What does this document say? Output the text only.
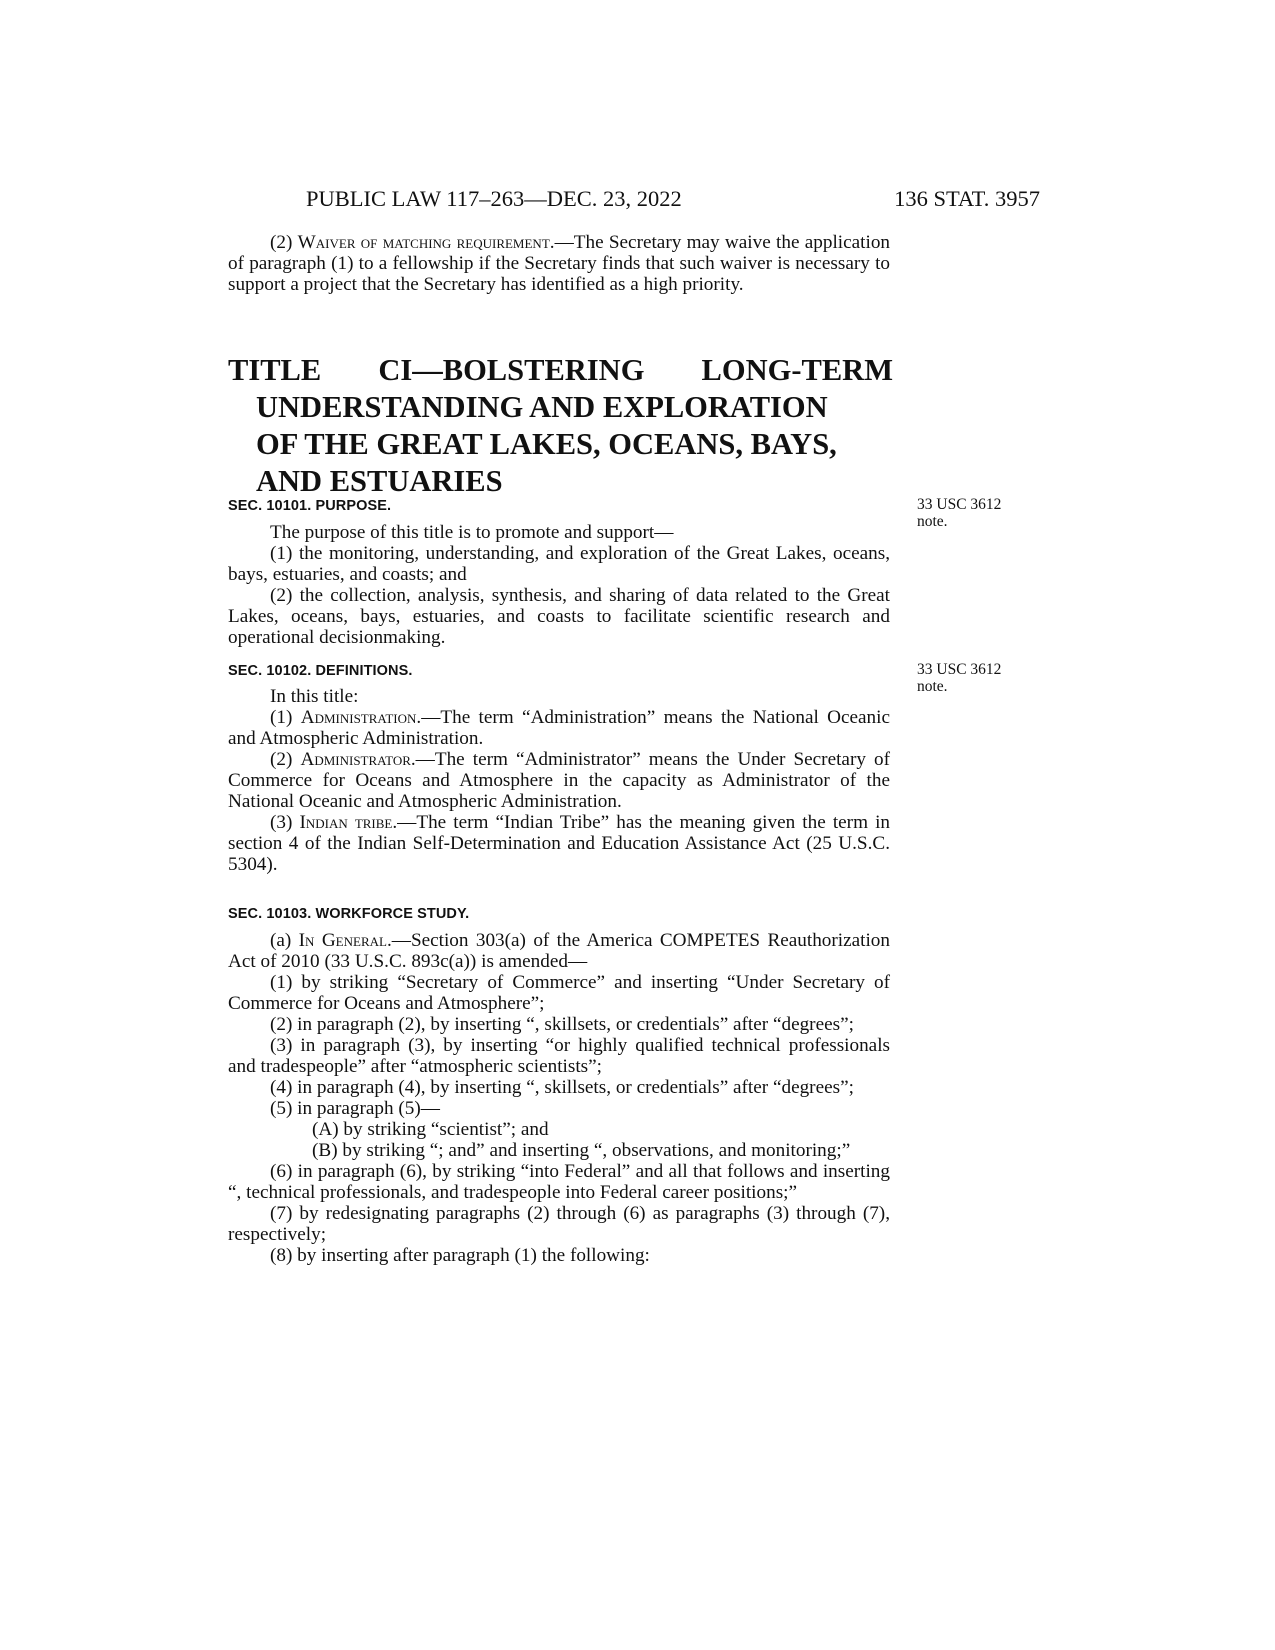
PUBLIC LAW 117–263—DEC. 23, 2022	136 STAT. 3957

(2) Waiver of matching requirement.—The Secretary may waive the application of paragraph (1) to a fellowship if the Secretary finds that such waiver is necessary to support a project that the Secretary has identified as a high priority.

TITLE CI—BOLSTERING LONG-TERM
UNDERSTANDING AND EXPLORATION
OF THE GREAT LAKES, OCEANS, BAYS,
AND ESTUARIES
SEC. 10101. PURPOSE.	33 USC 3612
note.

The purpose of this title is to promote and support—

(1) the monitoring, understanding, and exploration of the Great Lakes, oceans, bays, estuaries, and coasts; and

(2) the collection, analysis, synthesis, and sharing of data related to the Great Lakes, oceans, bays, estuaries, and coasts to facilitate scientific research and operational decisionmaking.

SEC. 10102. DEFINITIONS.	33 USC 3612
note.

In this title:

(1) Administration.—The term “Administration” means the National Oceanic and Atmospheric Administration.

(2) Administrator.—The term “Administrator” means the Under Secretary of Commerce for Oceans and Atmosphere in the capacity as Administrator of the National Oceanic and Atmospheric Administration.

(3) Indian tribe.—The term “Indian Tribe” has the meaning given the term in section 4 of the Indian Self-Determination and Education Assistance Act (25 U.S.C. 5304).

SEC. 10103. WORKFORCE STUDY.

(a) In General.—Section 303(a) of the America COMPETES Reauthorization Act of 2010 (33 U.S.C. 893c(a)) is amended—

(1) by striking “Secretary of Commerce” and inserting “Under Secretary of Commerce for Oceans and Atmosphere”;

(2) in paragraph (2), by inserting “, skillsets, or credentials” after “degrees”;

(3) in paragraph (3), by inserting “or highly qualified technical professionals and tradespeople” after “atmospheric scientists”;

(4) in paragraph (4), by inserting “, skillsets, or credentials” after “degrees”;

(5) in paragraph (5)—

(A) by striking “scientist”; and

(B) by striking “; and” and inserting “, observations, and monitoring;”

(6) in paragraph (6), by striking “into Federal” and all that follows and inserting “, technical professionals, and tradespeople into Federal career positions;”

(7) by redesignating paragraphs (2) through (6) as paragraphs (3) through (7), respectively;

(8) by inserting after paragraph (1) the following:
